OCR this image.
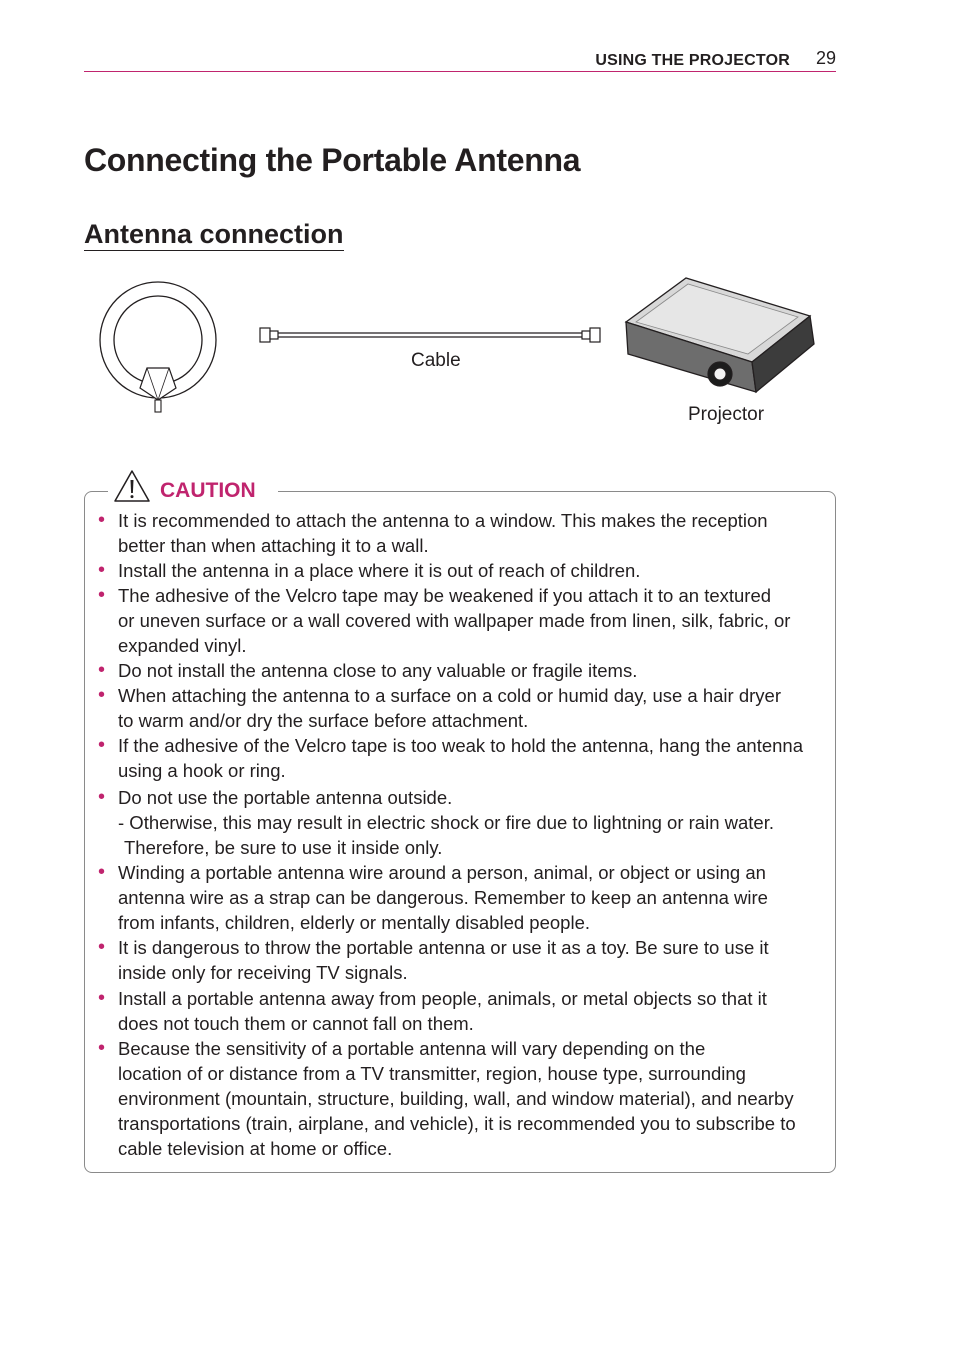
USING THE PROJECTOR 29
Connecting the Portable Antenna
Antenna connection
Cable
Projector
CAUTION
• It is recommended to attach the antenna to a window. This makes the reception
better than when attaching it to a wall.
• Install the antenna in a place where it is out of reach of children.
• The adhesive of the Velcro tape may be weakened if you attach it to an textured
or uneven surface or a wall covered with wallpaper made from linen, silk, fabric, or
expanded vinyl.
• Do not install the antenna close to any valuable or fragile items.
• When attaching the antenna to a surface on a cold or humid day, use a hair dryer
to warm and/or dry the surface before attachment.
• If the adhesive of the Velcro tape is too weak to hold the antenna, hang the antenna
using a hook or ring.
• Do not use the portable antenna outside.
- Otherwise, this may result in electric shock or fire due to lightning or rain water.
Therefore, be sure to use it inside only.
• Winding a portable antenna wire around a person, animal, or object or using an
antenna wire as a strap can be dangerous. Remember to keep an antenna wire
from infants, children, elderly or mentally disabled people.
• It is dangerous to throw the portable antenna or use it as a toy. Be sure to use it
inside only for receiving TV signals.
• Install a portable antenna away from people, animals, or metal objects so that it
does not touch them or cannot fall on them.
• Because the sensitivity of a portable antenna will vary depending on the
location of or distance from a TV transmitter, region, house type, surrounding
environment (mountain, structure, building, wall, and window material), and nearby
transportations (train, airplane, and vehicle), it is recommended you to subscribe to
cable television at home or office.
